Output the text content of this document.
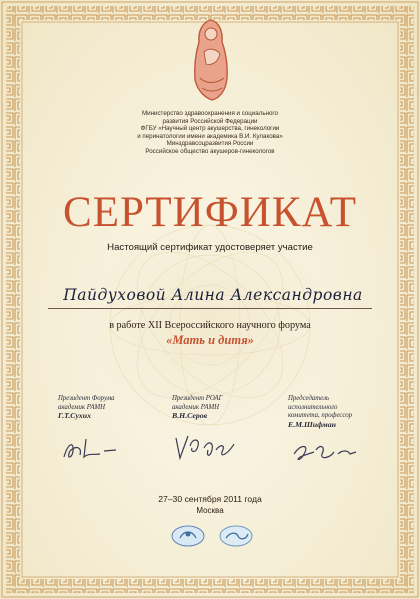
Министерство здравоохранения и социального
развития Российской Федерации
ФГБУ «Научный центр акушерства, гинекологии
и перинатологии имени академика В.И. Кулакова»
Минздравсоцразвития России
Российское общество акушеров-гинекологов
СЕРТИФИКАТ
Настоящий сертификат удостоверяет участие
Пайдуховой Алина Александровна
в работе XII Всероссийского научного форума
«Мать и дитя»
Президент Форума
академик РАМН
Г.Т.Сухих
Президент РОАГ
академик РАМН
В.Н.Серов
Председатель
исполнительного
комитета, профессор
Е.М.Шифман
27–30 сентября 2011 года
Москва
